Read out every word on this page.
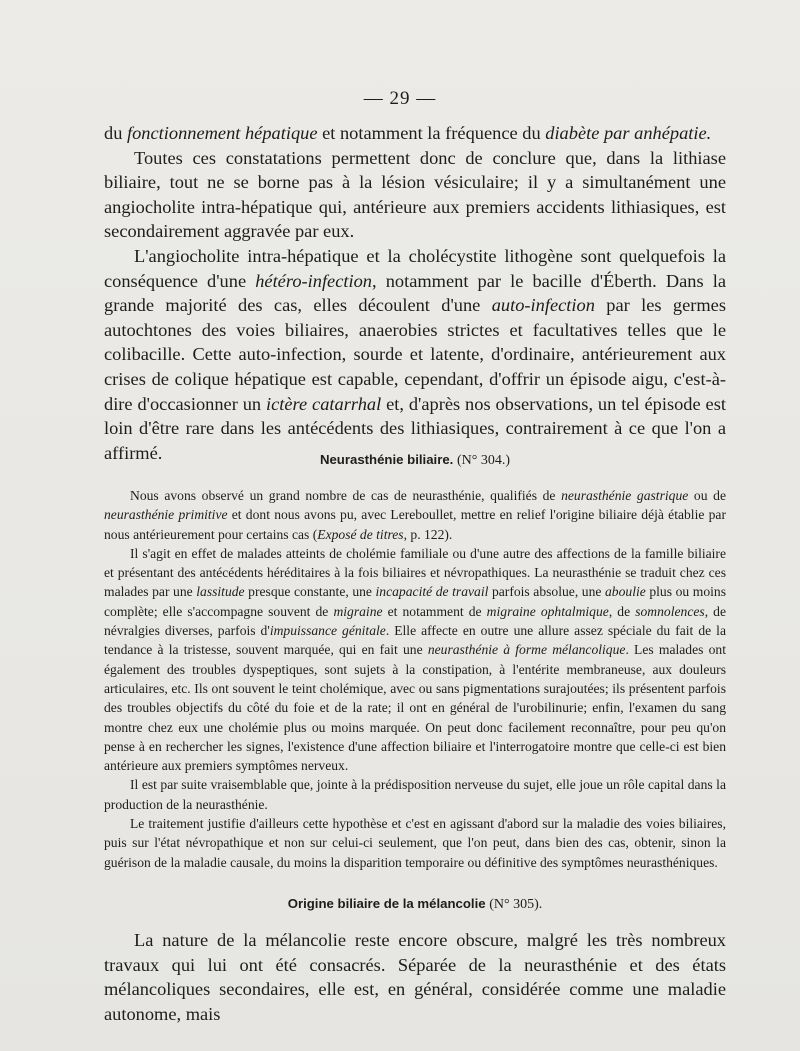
— 29 —

du fonctionnement hépatique et notamment la fréquence du diabète par anhépatie.

Toutes ces constatations permettent donc de conclure que, dans la lithiase biliaire, tout ne se borne pas à la lésion vésiculaire; il y a simultanément une angiocholite intra-hépatique qui, antérieure aux premiers accidents lithiasiques, est secondairement aggravée par eux.

L'angiocholite intra-hépatique et la cholécystite lithogène sont quelquefois la conséquence d'une hétéro-infection, notamment par le bacille d'Éberth. Dans la grande majorité des cas, elles découlent d'une auto-infection par les germes autochtones des voies biliaires, anaerobies strictes et facultatives telles que le colibacille. Cette auto-infection, sourde et latente, d'ordinaire, antérieurement aux crises de colique hépatique est capable, cependant, d'offrir un épisode aigu, c'est-à-dire d'occasionner un ictère catarrhal et, d'après nos observations, un tel épisode est loin d'être rare dans les antécédents des lithiasiques, contrairement à ce que l'on a affirmé.	Neurasthénie biliaire. (N° 304.)

Nous avons observé un grand nombre de cas de neurasthénie, qualifiés de neurasthénie gastrique ou de neurasthénie primitive et dont nous avons pu, avec Lereboullet, mettre en relief l'origine biliaire déjà établie par nous antérieurement pour certains cas (Exposé de titres, p. 122).

Il s'agit en effet de malades atteints de cholémie familiale ou d'une autre des affections de la famille biliaire et présentant des antécédents héréditaires à la fois biliaires et névropathiques. La neurasthénie se traduit chez ces malades par une lassitude presque constante, une incapacité de travail parfois absolue, une aboulie plus ou moins complète; elle s'accompagne souvent de migraine et notamment de migraine ophtalmique, de somnolences, de névralgies diverses, parfois d'impuissance génitale. Elle affecte en outre une allure assez spéciale du fait de la tendance à la tristesse, souvent marquée, qui en fait une neurasthénie à forme mélancolique. Les malades ont également des troubles dyspeptiques, sont sujets à la constipation, à l'entérite membraneuse, aux douleurs articulaires, etc. Ils ont souvent le teint cholémique, avec ou sans pigmentations surajoutées; ils présentent parfois des troubles objectifs du côté du foie et de la rate; il ont en général de l'urobilinurie; enfin, l'examen du sang montre chez eux une cholémie plus ou moins marquée. On peut donc facilement reconnaître, pour peu qu'on pense à en rechercher les signes, l'existence d'une affection biliaire et l'interrogatoire montre que celle-ci est bien antérieure aux premiers symptômes nerveux.

Il est par suite vraisemblable que, jointe à la prédisposition nerveuse du sujet, elle joue un rôle capital dans la production de la neurasthénie.

Le traitement justifie d'ailleurs cette hypothèse et c'est en agissant d'abord sur la maladie des voies biliaires, puis sur l'état névropathique et non sur celui-ci seulement, que l'on peut, dans bien des cas, obtenir, sinon la guérison de la maladie causale, du moins la disparition temporaire ou définitive des symptômes neurasthéniques.

Origine biliaire de la mélancolie (N° 305).

La nature de la mélancolie reste encore obscure, malgré les très nombreux travaux qui lui ont été consacrés. Séparée de la neurasthénie et des états mélancoliques secondaires, elle est, en général, considérée comme une maladie autonome, mais
